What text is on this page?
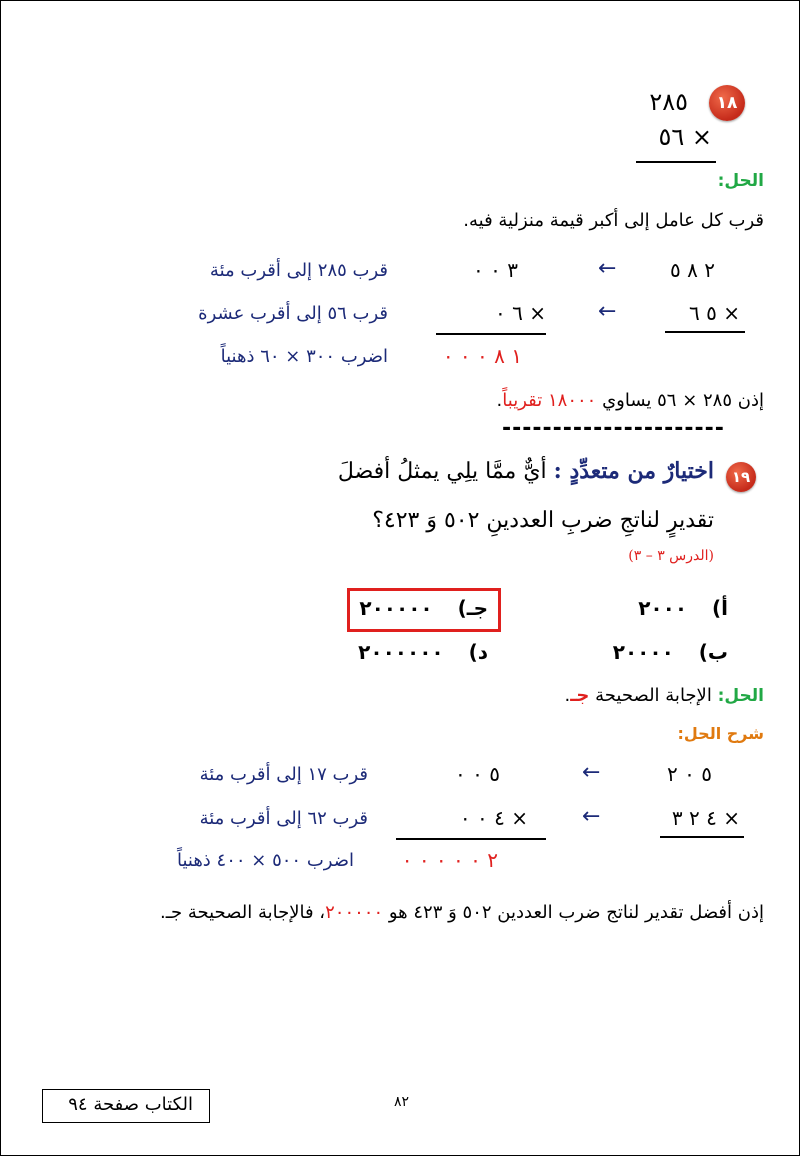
١٨
٢٨٥
٥٦ ×
الحل:
قرب كل عامل إلى أكبر قيمة منزلية فيه.
٢ ٨ ٥
←
٣ ٠ ٠
قرب ٢٨٥ إلى أقرب مئة
٥ ٦ ×
←
٦ ٠ ×
قرب ٥٦ إلى أقرب عشرة
١ ٨ ٠ ٠ ٠
اضرب ٣٠٠ × ٦٠ ذهنياً
إذن ٢٨٥ × ٥٦ يساوي ١٨٠٠٠ تقريباً.
----------------------
١٩
اختيارٌ من متعدِّدٍ : أيٌّ ممَّا يلِي يمثلُ أفضلَ
تقديرٍ لناتجِ ضربِ العددينِ ٥٠٢ وَ ٤٢٣؟
(الدرس ٣ – ٣)
أ) ٢٠٠٠
جـ) ٢٠٠٠٠٠
ب) ٢٠٠٠٠
د) ٢٠٠٠٠٠٠
الحل: الإجابة الصحيحة جـ.
شرح الحل:
٥ ٠ ٢
←
٥ ٠ ٠
قرب ١٧ إلى أقرب مئة
٤ ٢ ٣ ×
←
٤ ٠ ٠ ×
قرب ٦٢ إلى أقرب مئة
٢ ٠ ٠ ٠ ٠ ٠
اضرب ٥٠٠ × ٤٠٠ ذهنياً
إذن أفضل تقدير لناتج ضرب العددين ٥٠٢ وَ ٤٢٣ هو ٢٠٠٠٠٠، فالإجابة الصحيحة جـ.
٨٢
الكتاب صفحة ٩٤
